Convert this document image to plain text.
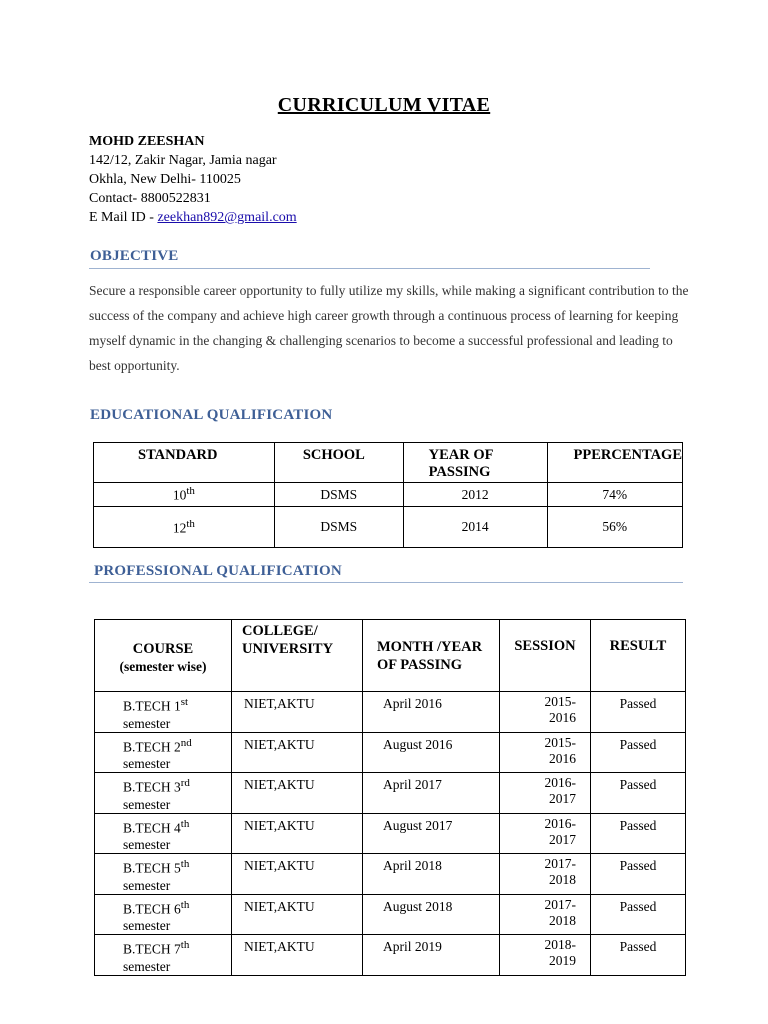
CURRICULUM VITAE
MOHD ZEESHAN
142/12, Zakir Nagar, Jamia nagar
Okhla, New Delhi- 110025
Contact- 8800522831
E Mail ID - zeekhan892@gmail.com
OBJECTIVE
Secure a responsible career opportunity to fully utilize my skills, while making a significant contribution to the success of the company and achieve high career growth through a continuous process of learning for keeping myself dynamic in the changing & challenging scenarios to become a successful professional and leading to best opportunity.
EDUCATIONAL QUALIFICATION
STANDARD	SCHOOL	YEAR OF PASSING	PPERCENTAGE
10th	DSMS	2012	74%
12th	DSMS	2014	56%
PROFESSIONAL QUALIFICATION
COURSE
(semester wise)	COLLEGE/ UNIVERSITY	MONTH /YEAR OF PASSING	SESSION	RESULT

B.TECH 1st
semester	NIET,AKTU	April 2016	2015-2016	Passed

B.TECH 2nd
semester	NIET,AKTU	August 2016	2015-2016	Passed

B.TECH 3rd
semester	NIET,AKTU	April 2017	2016-2017	Passed

B.TECH 4th
semester	NIET,AKTU	August 2017	2016-2017	Passed

B.TECH 5th
semester	NIET,AKTU	April 2018	2017-2018	Passed

B.TECH 6th
semester	NIET,AKTU	August 2018	2017-2018	Passed

B.TECH 7th
semester	NIET,AKTU	April 2019	2018-2019	Passed
